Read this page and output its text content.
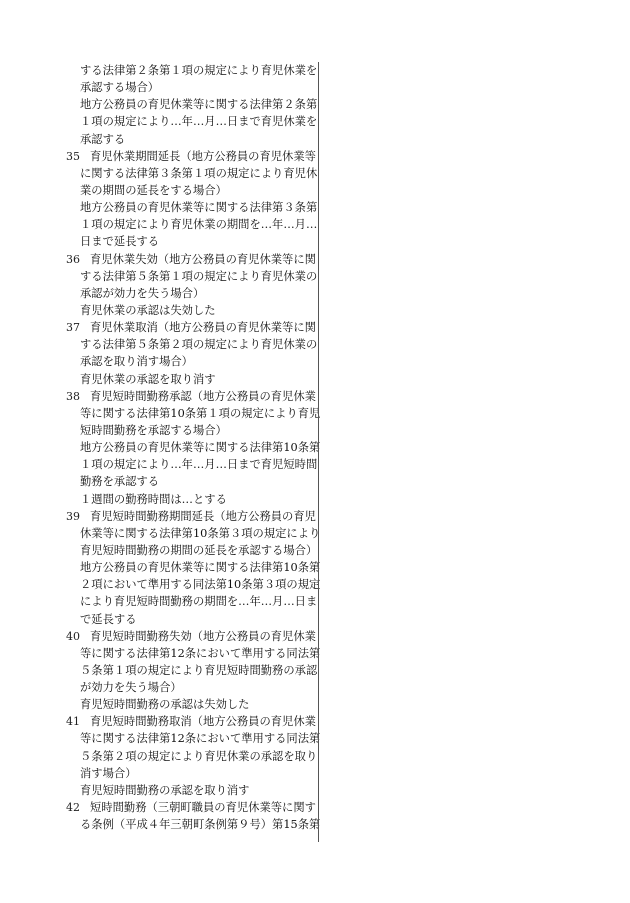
する法律第２条第１項の規定により育児休業を
承認する場合）
地方公務員の育児休業等に関する法律第２条第
１項の規定により…年…月…日まで育児休業を
承認する
35 育児休業期間延長（地方公務員の育児休業等
に関する法律第３条第１項の規定により育児休
業の期間の延長をする場合）
地方公務員の育児休業等に関する法律第３条第
１項の規定により育児休業の期間を…年…月…
日まで延長する
36 育児休業失効（地方公務員の育児休業等に関
する法律第５条第１項の規定により育児休業の
承認が効力を失う場合）
育児休業の承認は失効した
37 育児休業取消（地方公務員の育児休業等に関
する法律第５条第２項の規定により育児休業の
承認を取り消す場合）
育児休業の承認を取り消す
38 育児短時間勤務承認（地方公務員の育児休業
等に関する法律第10条第１項の規定により育児
短時間勤務を承認する場合）
地方公務員の育児休業等に関する法律第10条第
１項の規定により…年…月…日まで育児短時間
勤務を承認する
１週間の勤務時間は…とする
39 育児短時間勤務期間延長（地方公務員の育児
休業等に関する法律第10条第３項の規定により
育児短時間勤務の期間の延長を承認する場合）
地方公務員の育児休業等に関する法律第10条第
２項において準用する同法第10条第３項の規定
により育児短時間勤務の期間を…年…月…日ま
で延長する
40 育児短時間勤務失効（地方公務員の育児休業
等に関する法律第12条において準用する同法第
５条第１項の規定により育児短時間勤務の承認
が効力を失う場合）
育児短時間勤務の承認は失効した
41 育児短時間勤務取消（地方公務員の育児休業
等に関する法律第12条において準用する同法第
５条第２項の規定により育児休業の承認を取り
消す場合）
育児短時間勤務の承認を取り消す
42 短時間勤務（三朝町職員の育児休業等に関す
る条例（平成４年三朝町条例第９号）第15条第
